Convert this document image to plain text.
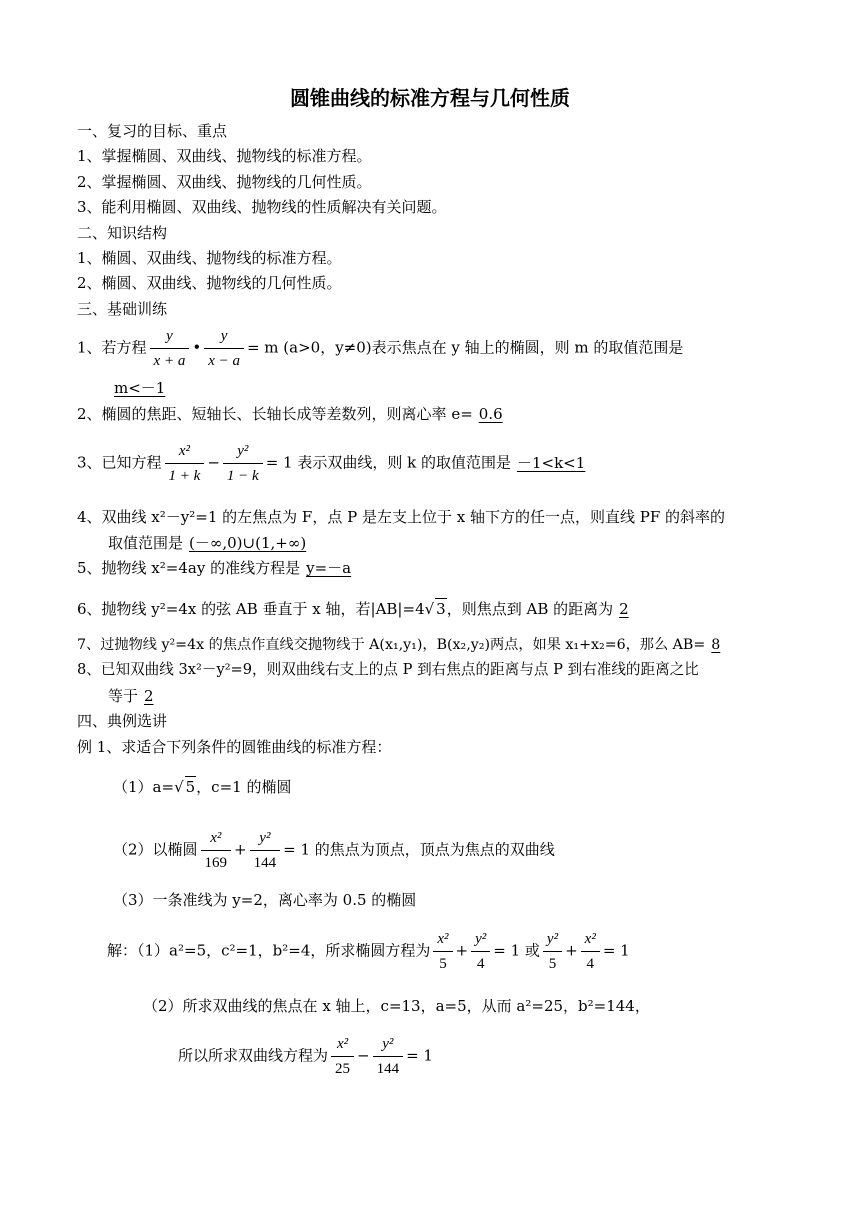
圆锥曲线的标准方程与几何性质
一、复习的目标、重点
1、掌握椭圆、双曲线、抛物线的标准方程。
2、掌握椭圆、双曲线、抛物线的几何性质。
3、能利用椭圆、双曲线、抛物线的性质解决有关问题。
二、知识结构
1、椭圆、双曲线、抛物线的标准方程。
2、椭圆、双曲线、抛物线的几何性质。
三、基础训练
1、若方程 $\frac{y}{x + a}$ • $\frac{y}{x - a} = m$ (a>0，y≠0)表示焦点在 y 轴上的椭圆，则 m 的取值范围是
m<－1
2、椭圆的焦距、短轴长、长轴长成等差数列，则离心率 e= 0.6
3、已知方程 $\frac{\text{x²}}{1 + k} - \frac{\text{y²}}{1 - k} = 1$ 表示双曲线，则 k 的取值范围是 －1<k<1
4、双曲线 x²－y²=1 的左焦点为 F，点 P 是左支上位于 x 轴下方的任一点，则直线 PF 的斜率的
取值范围是 (－∞,0)∪(1,+∞)
5、抛物线 x²=4ay 的准线方程是 y=－a
6、抛物线 y²=4x 的弦 AB 垂直于 x 轴，若|AB|=4√ 3，则焦点到 AB 的距离为 2
7、过抛物线 y²=4x 的焦点作直线交抛物线于 A(x₁,y₁)，B(x₂,y₂)两点，如果 x₁+x₂=6，那么 AB= 8
8、已知双曲线 3x²－y²=9，则双曲线右支上的点 P 到右焦点的距离与点 P 到右准线的距离之比
等于 2
四、典例选讲
例 1、求适合下列条件的圆锥曲线的标准方程：
（1）a=√ 5，c=1 的椭圆
（2）以椭圆 $\frac{\text{x²}}{169} + \frac{\text{y²}}{144} = 1$ 的焦点为顶点，顶点为焦点的双曲线
（3）一条准线为 y=2，离心率为 0.5 的椭圆
解：（1）a²=5，c²=1，b²=4，所求椭圆方程为 $\frac{\text{x²}}{5} + \frac{\text{y²}}{4} = 1$ 或 $\frac{\text{y²}}{5} + \frac{\text{x²}}{4} = 1$
（2）所求双曲线的焦点在 x 轴上，c=13，a=5，从而 a²=25，b²=144，
所以所求双曲线方程为 $\frac{\text{x²}}{25} - \frac{\text{y²}}{144} = 1$
